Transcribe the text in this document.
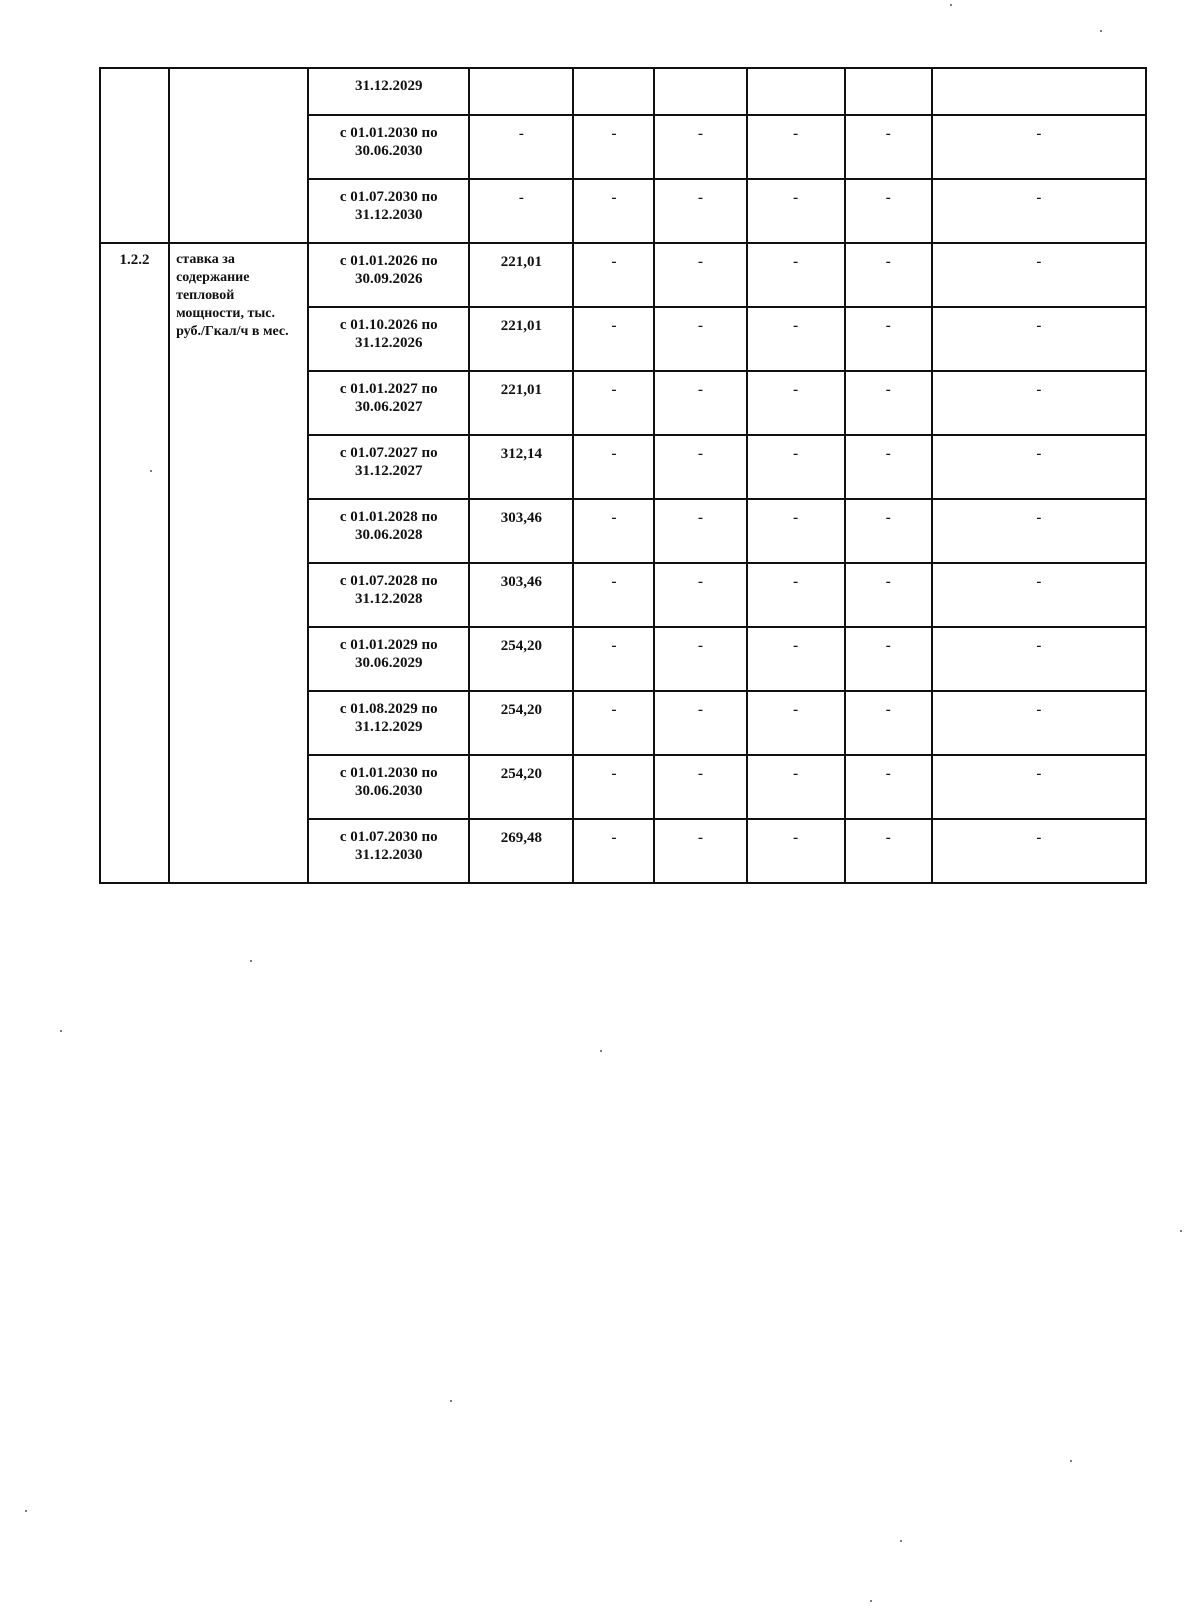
		31.12.2029						

		с 01.01.2030 по
30.06.2030	-	-	-	-	-	-

		с 01.07.2030 по
31.12.2030	-	-	-	-	-	-
1.2.2	ставка за содержание тепловой мощности, тыс. руб./Гкал/ч в мес.	с 01.01.2026 по
30.09.2026	221,01	-	-	-	-	-

		с 01.10.2026 по
31.12.2026	221,01	-	-	-	-	-

		с 01.01.2027 по
30.06.2027	221,01	-	-	-	-	-

		с 01.07.2027 по
31.12.2027	312,14	-	-	-	-	-

		с 01.01.2028 по
30.06.2028	303,46	-	-	-	-	-

		с 01.07.2028 по
31.12.2028	303,46	-	-	-	-	-

		с 01.01.2029 по
30.06.2029	254,20	-	-	-	-	-

		с 01.08.2029 по
31.12.2029	254,20	-	-	-	-	-

		с 01.01.2030 по
30.06.2030	254,20	-	-	-	-	-

		с 01.07.2030 по
31.12.2030	269,48	-	-	-	-	-
